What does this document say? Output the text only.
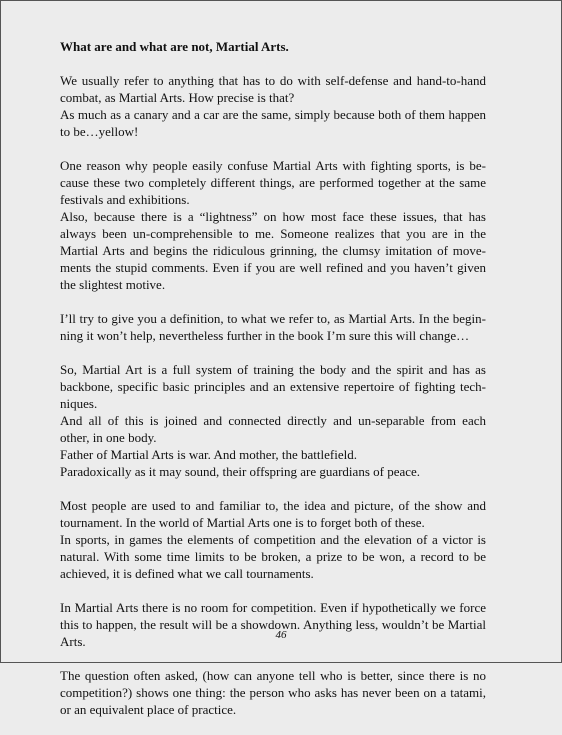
What are and what are not, Martial Arts.
We usually refer to anything that has to do with self-defense and hand-to-hand
combat, as Martial Arts. How precise is that?
As much as a canary and a car are the same, simply because both of them happen
to be…yellow!
One reason why people easily confuse Martial Arts with fighting sports, is be-
cause these two completely different things, are performed together at the same
festivals and exhibitions.
Also, because there is a “lightness” on how most face these issues, that has
always been un-comprehensible to me. Someone realizes that you are in the
Martial Arts and begins the ridiculous grinning, the clumsy imitation of move-
ments the stupid comments. Even if you are well refined and you haven’t given
the slightest motive.
I’ll try to give you a definition, to what we refer to, as Martial Arts. In the begin-
ning it won’t help, nevertheless further in the book I’m sure this will change…
So, Martial Art is a full system of training the body and the spirit and has as
backbone, specific basic principles and an extensive repertoire of fighting tech-
niques.
And all of this is joined and connected directly and un-separable from each
other, in one body.
Father of Martial Arts is war. And mother, the battlefield.
Paradoxically as it may sound, their offspring are guardians of peace.
Most people are used to and familiar to, the idea and picture, of the show and
tournament. In the world of Martial Arts one is to forget both of these.
In sports, in games the elements of competition and the elevation of a victor is
natural. With some time limits to be broken, a prize to be won, a record to be
achieved, it is defined what we call tournaments.
In Martial Arts there is no room for competition. Even if hypothetically we force
this to happen, the result will be a showdown. Anything less, wouldn’t be Martial
Arts.
The question often asked, (how can anyone tell who is better, since there is no
competition?) shows one thing: the person who asks has never been on a tatami,
or an equivalent place of practice.
46
